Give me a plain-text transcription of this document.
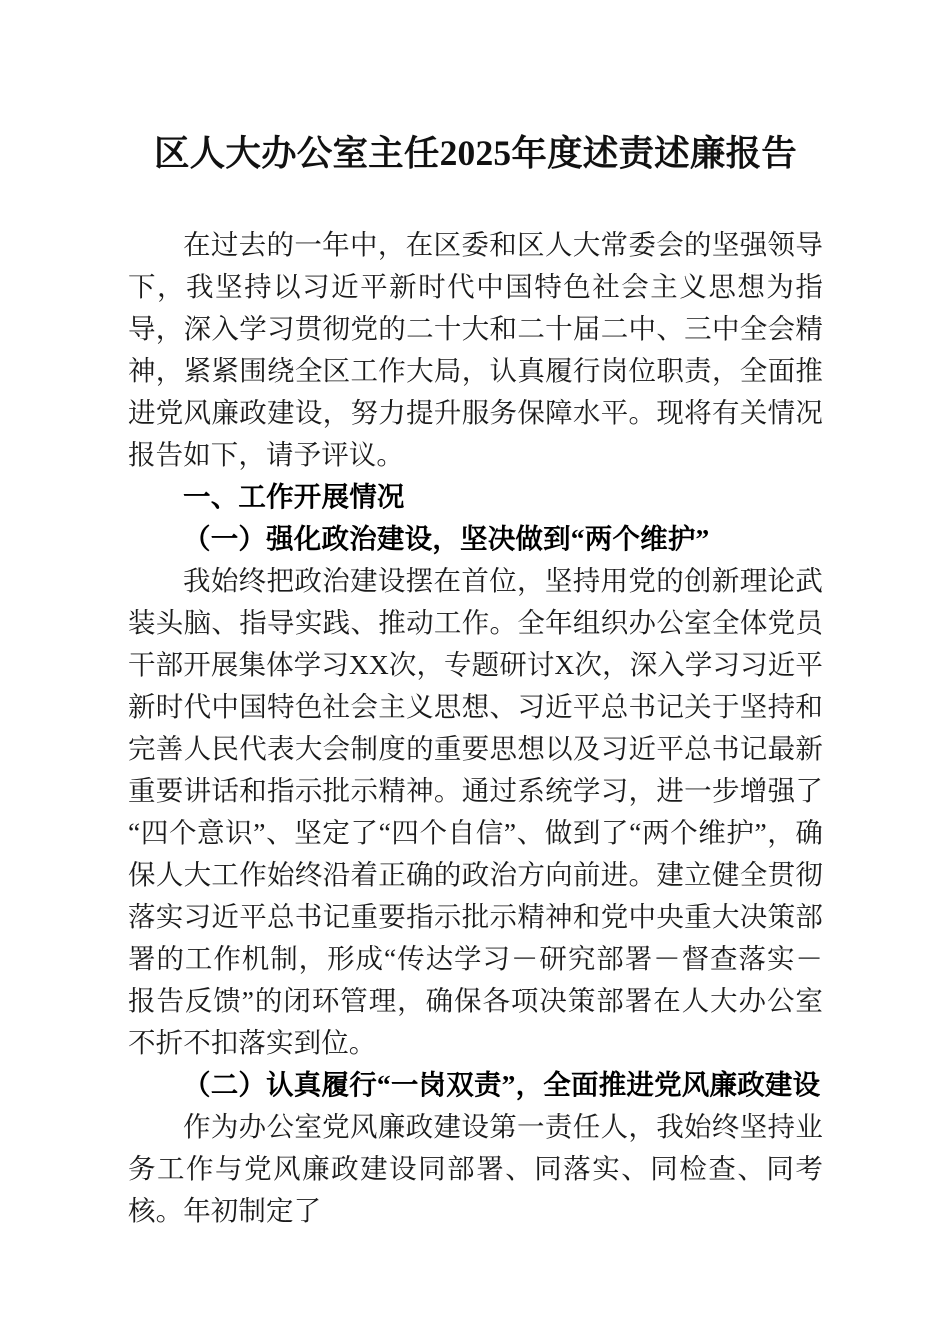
区人大办公室主任2025年度述责述廉报告

在过去的一年中，在区委和区人大常委会的坚强领导下，我坚持以习近平新时代中国特色社会主义思想为指导，深入学习贯彻党的二十大和二十届二中、三中全会精神，紧紧围绕全区工作大局，认真履行岗位职责，全面推进党风廉政建设，努力提升服务保障水平。现将有关情况报告如下，请予评议。

一、工作开展情况

（一）强化政治建设，坚决做到“两个维护”

我始终把政治建设摆在首位，坚持用党的创新理论武装头脑、指导实践、推动工作。全年组织办公室全体党员干部开展集体学习XX次，专题研讨X次，深入学习习近平新时代中国特色社会主义思想、习近平总书记关于坚持和完善人民代表大会制度的重要思想以及习近平总书记最新重要讲话和指示批示精神。通过系统学习，进一步增强了“四个意识”、坚定了“四个自信”、做到了“两个维护”，确保人大工作始终沿着正确的政治方向前进。建立健全贯彻落实习近平总书记重要指示批示精神和党中央重大决策部署的工作机制，形成“传达学习－研究部署－督查落实－报告反馈”的闭环管理，确保各项决策部署在人大办公室不折不扣落实到位。

（二）认真履行“一岗双责”，全面推进党风廉政建设

作为办公室党风廉政建设第一责任人，我始终坚持业务工作与党风廉政建设同部署、同落实、同检查、同考核。年初制定了
